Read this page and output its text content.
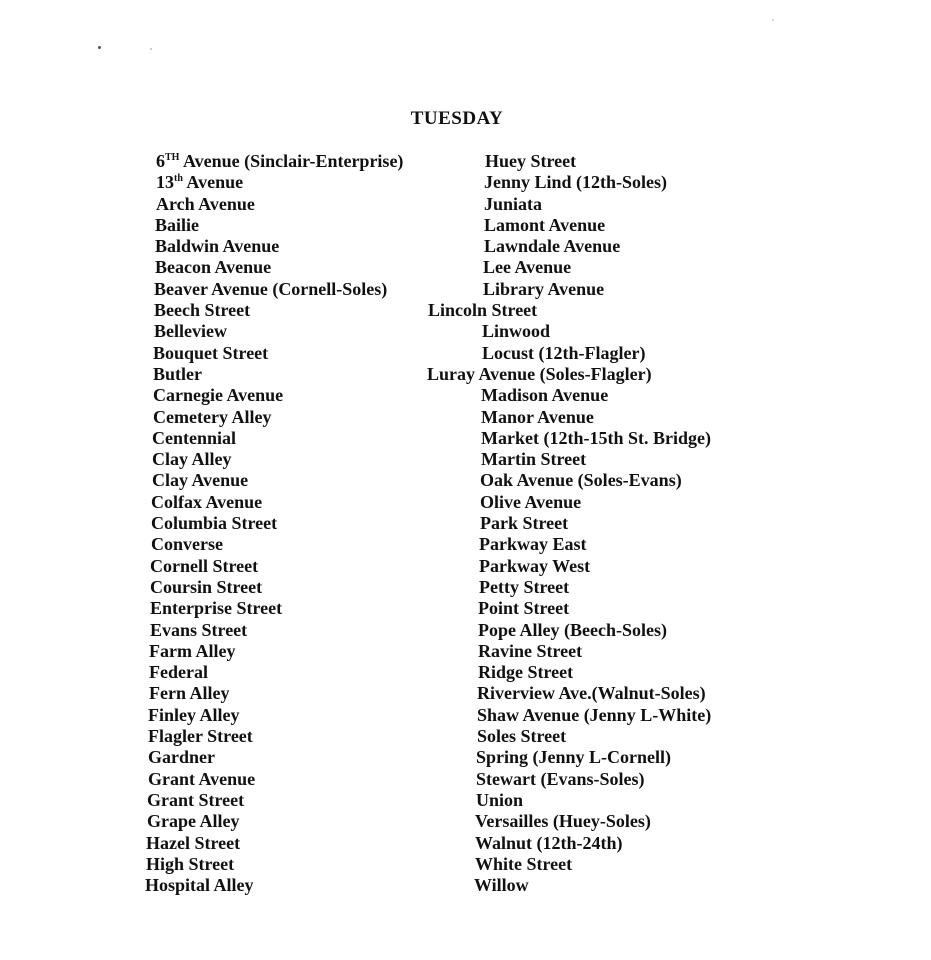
TUESDAY
6TH Avenue (Sinclair-Enterprise)
13th Avenue
Arch Avenue
Bailie
Baldwin Avenue
Beacon Avenue
Beaver Avenue (Cornell-Soles)
Beech Street
Belleview
Bouquet Street
Butler
Carnegie Avenue
Cemetery Alley
Centennial
Clay Alley
Clay Avenue
Colfax Avenue
Columbia Street
Converse
Cornell Street
Coursin Street
Enterprise Street
Evans Street
Farm Alley
Federal
Fern Alley
Finley Alley
Flagler Street
Gardner
Grant Avenue
Grant Street
Grape Alley
Hazel Street
High Street
Hospital Alley
Huey Street
Jenny Lind (12th-Soles)
Juniata
Lamont Avenue
Lawndale Avenue
Lee Avenue
Library Avenue
Lincoln Street
Linwood
Locust (12th-Flagler)
Luray Avenue (Soles-Flagler)
Madison Avenue
Manor Avenue
Market (12th-15th St. Bridge)
Martin Street
Oak Avenue (Soles-Evans)
Olive Avenue
Park Street
Parkway East
Parkway West
Petty Street
Point Street
Pope Alley (Beech-Soles)
Ravine Street
Ridge Street
Riverview Ave.(Walnut-Soles)
Shaw Avenue (Jenny L-White)
Soles Street
Spring (Jenny L-Cornell)
Stewart (Evans-Soles)
Union
Versailles (Huey-Soles)
Walnut (12th-24th)
White Street
Willow
